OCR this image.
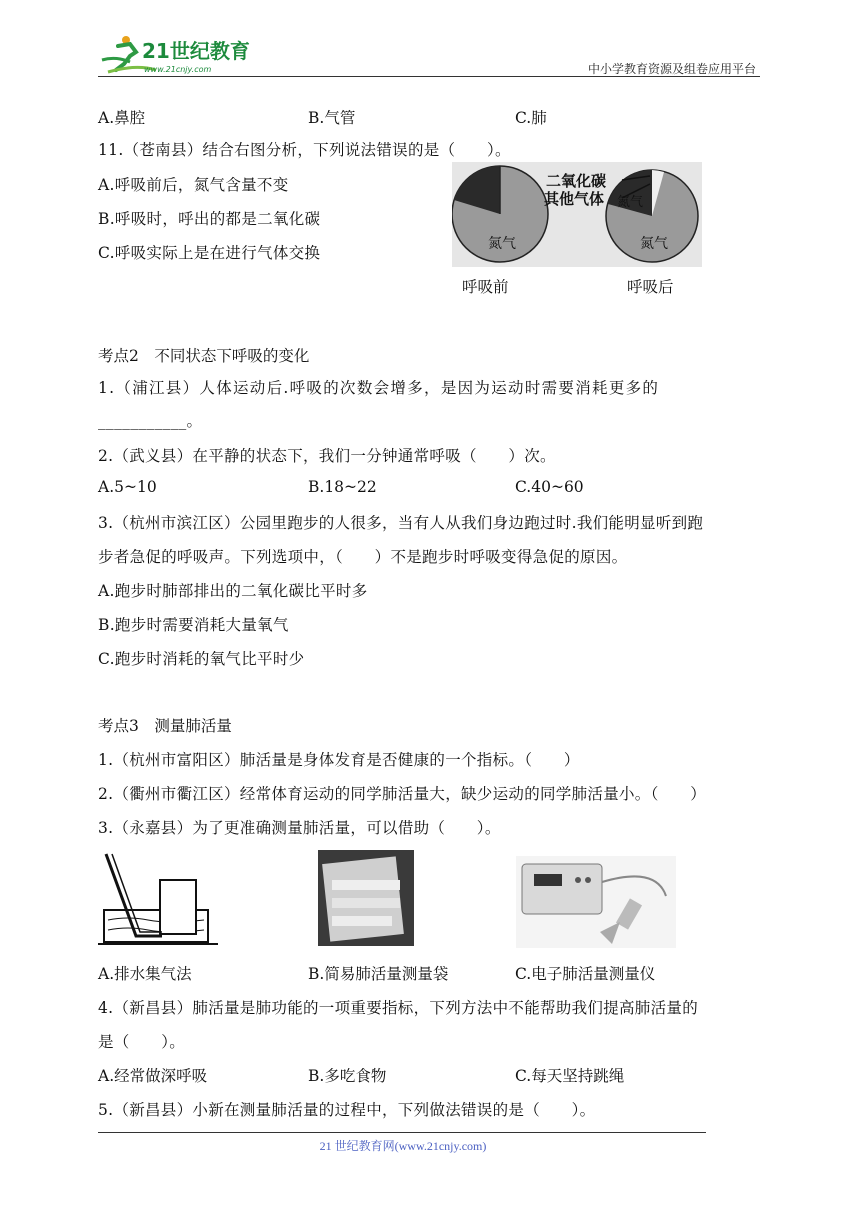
21世纪教育
www.21cnjy.com	中小学教育资源及组卷应用平台
A.鼻腔	B.气管	C.肺
11.（苍南县）结合右图分析，下列说法错误的是（　　）。
A.呼吸前后，氮气含量不变
B.呼吸时，呼出的都是二氧化碳
C.呼吸实际上是在进行气体交换	氮气
氮气
氮气
二氧化碳
其他气体
呼吸前	呼吸后
考点2　不同状态下呼吸的变化
1.（浦江县）人体运动后.呼吸的次数会增多，是因为运动时需要消耗更多的
___________。
2.（武义县）在平静的状态下，我们一分钟通常呼吸（　　）次。
A.5~10	B.18~22	C.40~60
3.（杭州市滨江区）公园里跑步的人很多，当有人从我们身边跑过时.我们能明显听到跑
步者急促的呼吸声。下列选项中，（　　）不是跑步时呼吸变得急促的原因。
A.跑步时肺部排出的二氧化碳比平时多
B.跑步时需要消耗大量氧气
C.跑步时消耗的氧气比平时少
考点3　测量肺活量
1.（杭州市富阳区）肺活量是身体发育是否健康的一个指标。（　　）
2.（衢州市衢江区）经常体育运动的同学肺活量大，缺少运动的同学肺活量小。（　　）
3.（永嘉县）为了更准确测量肺活量，可以借助（　　）。
A.排水集气法	B.简易肺活量测量袋	C.电子肺活量测量仪
4.（新昌县）肺活量是肺功能的一项重要指标，下列方法中不能帮助我们提高肺活量的
是（　　）。
A.经常做深呼吸	B.多吃食物	C.每天坚持跳绳
5.（新昌县）小新在测量肺活量的过程中，下列做法错误的是（　　）。
21 世纪教育网(www.21cnjy.com)
